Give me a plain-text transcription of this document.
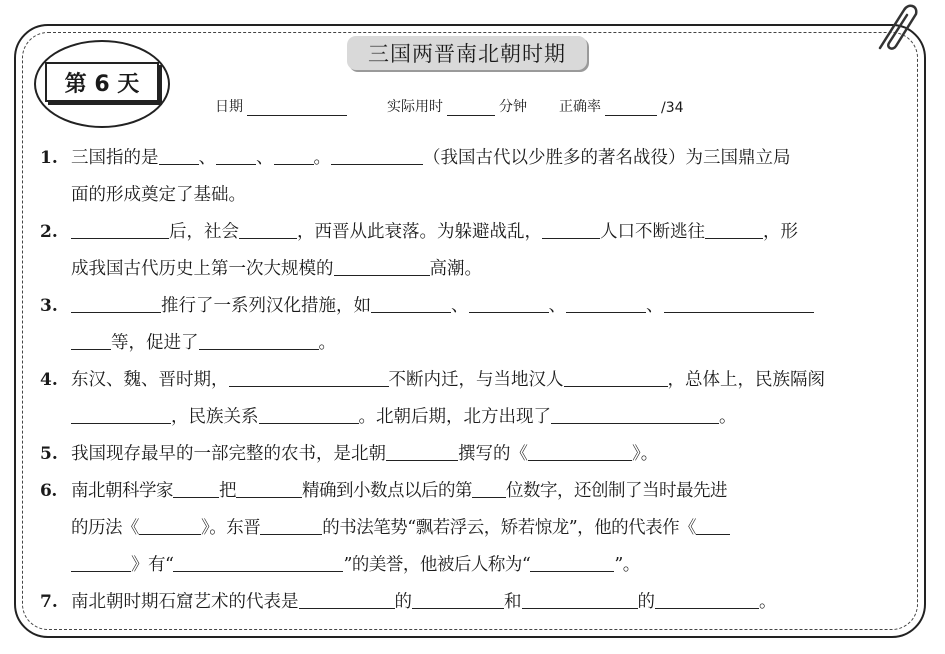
第 6 天
三国两晋南北朝时期
日期	实际用时	分钟 正确率	/34
1. 三国指的是 、 、 。	（我国古代以少胜多的著名战役）为三国鼎立局
面的形成奠定了基础。
2.	后，社会	，西晋从此衰落。为躲避战乱，	人口不断逃往	，形
成我国古代历史上第一次大规模的	高潮。
3.	推行了一系列汉化措施，如	、	、	、
等，促进了	。
4. 东汉、魏、晋时期，	不断内迁，与当地汉人	，总体上，民族隔阂
，民族关系	。北朝后期，北方出现了	。
5. 我国现存最早的一部完整的农书，是北朝	撰写的《	》。
6. 南北朝科学家	把	精确到小数点以后的第 位数字，还创制了当时最先进
的历法《	》。东晋	的书法笔势“飘若浮云，矫若惊龙”，他的代表作《
》有“	”的美誉，他被后人称为“	”。
7. 南北朝时期石窟艺术的代表是	的	和	的	。
